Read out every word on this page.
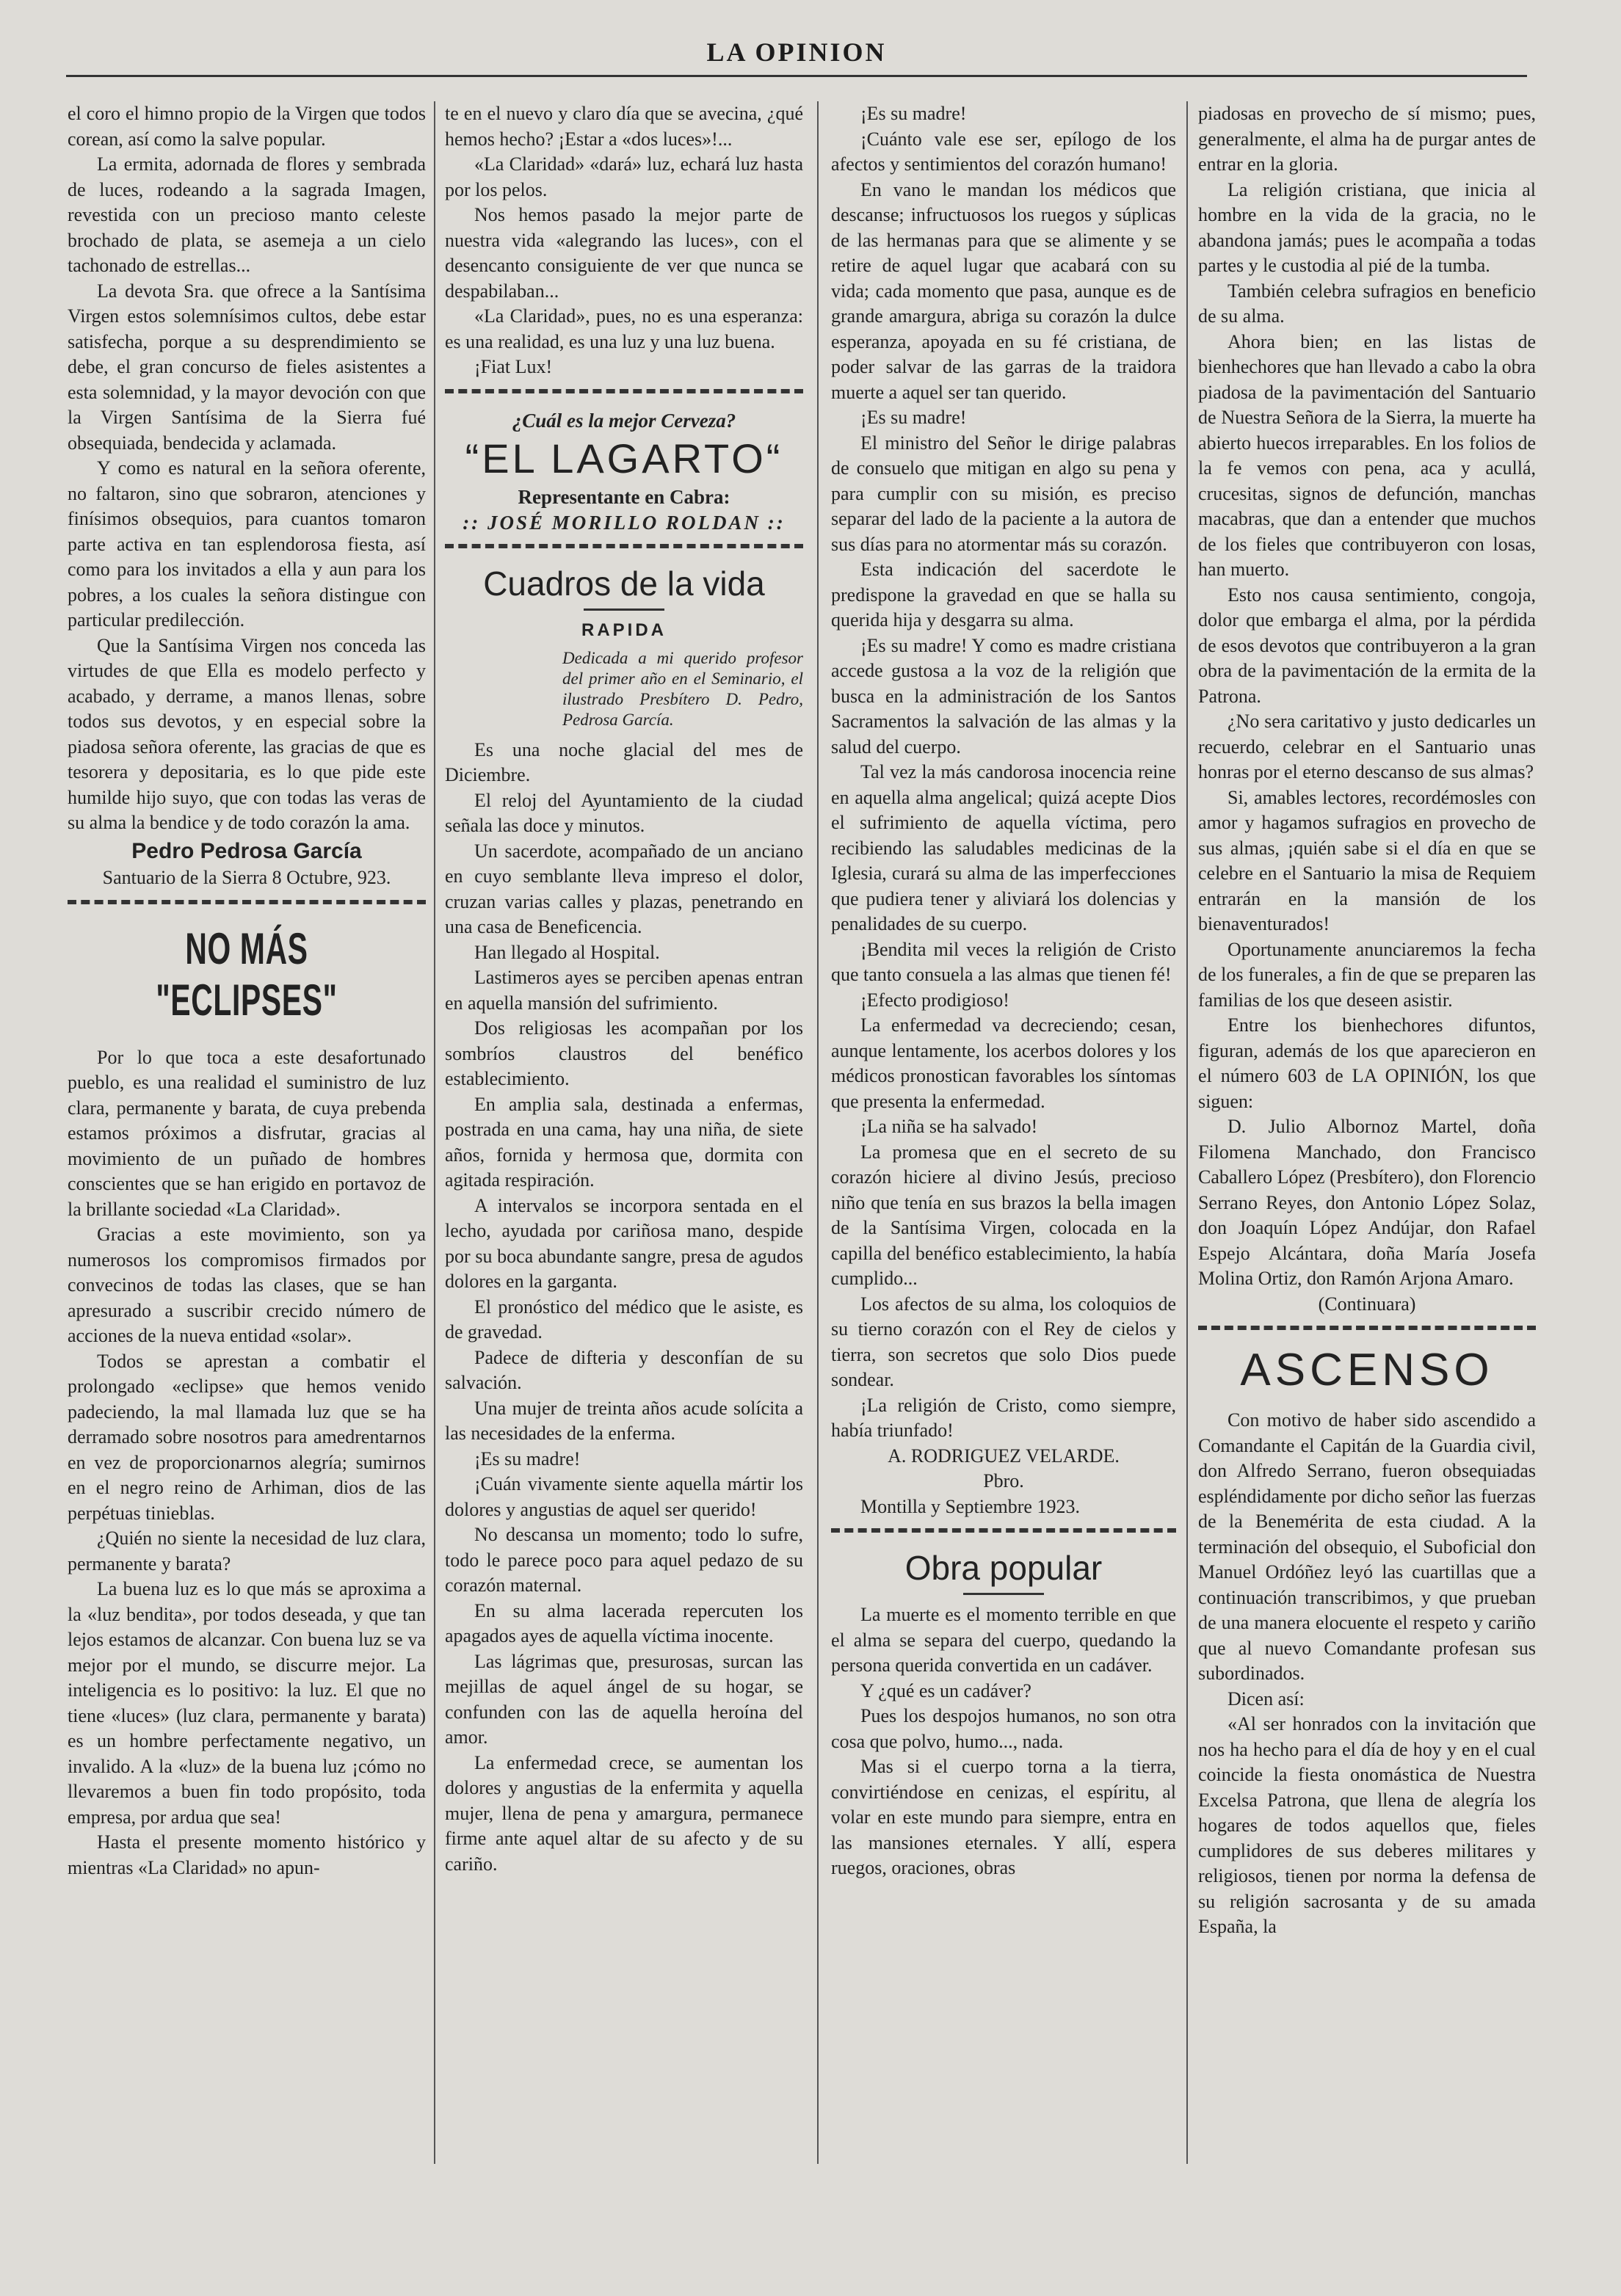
LA OPINION

el coro el himno propio de la Virgen que todos corean, así como la salve popular.

La ermita, adornada de flores y sembrada de luces, rodeando a la sagrada Imagen, revestida con un precioso manto celeste brochado de plata, se asemeja a un cielo tachonado de estrellas...

La devota Sra. que ofrece a la Santísima Virgen estos solemnísimos cultos, debe estar satisfecha, porque a su desprendimiento se debe, el gran concurso de fieles asistentes a esta solemnidad, y la mayor devoción con que la Virgen Santísima de la Sierra fué obsequiada, bendecida y aclamada.

Y como es natural en la señora oferente, no faltaron, sino que sobraron, atenciones y finísimos obsequios, para cuantos tomaron parte activa en tan esplendorosa fiesta, así como para los invitados a ella y aun para los pobres, a los cuales la señora distingue con particular predilección.

Que la Santísima Virgen nos conceda las virtudes de que Ella es modelo perfecto y acabado, y derrame, a manos llenas, sobre todos sus devotos, y en especial sobre la piadosa señora oferente, las gracias de que es tesorera y depositaria, es lo que pide este humilde hijo suyo, que con todas las veras de su alma la bendice y de todo corazón la ama.

Pedro Pedrosa García
Santuario de la Sierra 8 Octubre, 923.
NO MÁS "ECLIPSES"

Por lo que toca a este desafortunado pueblo, es una realidad el suministro de luz clara, permanente y barata, de cuya prebenda estamos próximos a disfrutar, gracias al movimiento de un puñado de hombres conscientes que se han erigido en portavoz de la brillante sociedad «La Claridad».

Gracias a este movimiento, son ya numerosos los compromisos firmados por convecinos de todas las clases, que se han apresurado a suscribir crecido número de acciones de la nueva entidad «solar».

Todos se aprestan a combatir el prolongado «eclipse» que hemos venido padeciendo, la mal llamada luz que se ha derramado sobre nosotros para amedrentarnos en vez de proporcionarnos alegría; sumirnos en el negro reino de Arhiman, dios de las perpétuas tinieblas.

¿Quién no siente la necesidad de luz clara, permanente y barata?

La buena luz es lo que más se aproxima a la «luz bendita», por todos deseada, y que tan lejos estamos de alcanzar. Con buena luz se va mejor por el mundo, se discurre mejor. La inteligencia es lo positivo: la luz. El que no tiene «luces» (luz clara, permanente y barata) es un hombre perfectamente negativo, un invalido. A la «luz» de la buena luz ¡cómo no llevaremos a buen fin todo propósito, toda empresa, por ardua que sea!

Hasta el presente momento histórico y mientras «La Claridad» no apun-

te en el nuevo y claro día que se avecina, ¿qué hemos hecho? ¡Estar a «dos luces»!...

«La Claridad» «dará» luz, echará luz hasta por los pelos.

Nos hemos pasado la mejor parte de nuestra vida «alegrando las luces», con el desencanto consiguiente de ver que nunca se despabilaban...

«La Claridad», pues, no es una esperanza: es una realidad, es una luz y una luz buena.

¡Fiat Lux!

¿Cuál es la mejor Cerveza?
“EL LAGARTO“
Representante en Cabra:
:: JOSÉ MORILLO ROLDAN ::
Cuadros de la vida
RAPIDA
Dedicada a mi querido profesor del primer año en el Seminario, el ilustrado Presbítero D. Pedro, Pedrosa García.

Es una noche glacial del mes de Diciembre.

El reloj del Ayuntamiento de la ciudad señala las doce y minutos.

Un sacerdote, acompañado de un anciano en cuyo semblante lleva impreso el dolor, cruzan varias calles y plazas, penetrando en una casa de Beneficencia.

Han llegado al Hospital.

Lastimeros ayes se perciben apenas entran en aquella mansión del sufrimiento.

Dos religiosas les acompañan por los sombríos claustros del benéfico establecimiento.

En amplia sala, destinada a enfermas, postrada en una cama, hay una niña, de siete años, fornida y hermosa que, dormita con agitada respiración.

A intervalos se incorpora sentada en el lecho, ayudada por cariñosa mano, despide por su boca abundante sangre, presa de agudos dolores en la garganta.

El pronóstico del médico que le asiste, es de gravedad.

Padece de difteria y desconfían de su salvación.

Una mujer de treinta años acude solícita a las necesidades de la enferma.

¡Es su madre!

¡Cuán vivamente siente aquella mártir los dolores y angustias de aquel ser querido!

No descansa un momento; todo lo sufre, todo le parece poco para aquel pedazo de su corazón maternal.

En su alma lacerada repercuten los apagados ayes de aquella víctima inocente.

Las lágrimas que, presurosas, surcan las mejillas de aquel ángel de su hogar, se confunden con las de aquella heroína del amor.

La enfermedad crece, se aumentan los dolores y angustias de la enfermita y aquella mujer, llena de pena y amargura, permanece firme ante aquel altar de su afecto y de su cariño.

¡Es su madre!

¡Cuánto vale ese ser, epílogo de los afectos y sentimientos del corazón humano!

En vano le mandan los médicos que descanse; infructuosos los ruegos y súplicas de las hermanas para que se alimente y se retire de aquel lugar que acabará con su vida; cada momento que pasa, aunque es de grande amargura, abriga su corazón la dulce esperanza, apoyada en su fé cristiana, de poder salvar de las garras de la traidora muerte a aquel ser tan querido.

¡Es su madre!

El ministro del Señor le dirige palabras de consuelo que mitigan en algo su pena y para cumplir con su misión, es preciso separar del lado de la paciente a la autora de sus días para no atormentar más su corazón.

Esta indicación del sacerdote le predispone la gravedad en que se halla su querida hija y desgarra su alma.

¡Es su madre! Y como es madre cristiana accede gustosa a la voz de la religión que busca en la administración de los Santos Sacramentos la salvación de las almas y la salud del cuerpo.

Tal vez la más candorosa inocencia reine en aquella alma angelical; quizá acepte Dios el sufrimiento de aquella víctima, pero recibiendo las saludables medicinas de la Iglesia, curará su alma de las imperfecciones que pudiera tener y aliviará los dolencias y penalidades de su cuerpo.

¡Bendita mil veces la religión de Cristo que tanto consuela a las almas que tienen fé!

¡Efecto prodigioso!

La enfermedad va decreciendo; cesan, aunque lentamente, los acerbos dolores y los médicos pronostican favorables los síntomas que presenta la enfermedad.

¡La niña se ha salvado!

La promesa que en el secreto de su corazón hiciere al divino Jesús, precioso niño que tenía en sus brazos la bella imagen de la Santísima Virgen, colocada en la capilla del benéfico establecimiento, la había cumplido...

Los afectos de su alma, los coloquios de su tierno corazón con el Rey de cielos y tierra, son secretos que solo Dios puede sondear.

¡La religión de Cristo, como siempre, había triunfado!

A. RODRIGUEZ VELARDE.
Pbro.

Montilla y Septiembre 1923.

Obra popular

La muerte es el momento terrible en que el alma se separa del cuerpo, quedando la persona querida convertida en un cadáver.

Y ¿qué es un cadáver?

Pues los despojos humanos, no son otra cosa que polvo, humo..., nada.

Mas si el cuerpo torna a la tierra, convirtiéndose en cenizas, el espíritu, al volar en este mundo para siempre, entra en las mansiones eternales. Y allí, espera ruegos, oraciones, obras

piadosas en provecho de sí mismo; pues, generalmente, el alma ha de purgar antes de entrar en la gloria.

La religión cristiana, que inicia al hombre en la vida de la gracia, no le abandona jamás; pues le acompaña a todas partes y le custodia al pié de la tumba.

También celebra sufragios en beneficio de su alma.

Ahora bien; en las listas de bienhechores que han llevado a cabo la obra piadosa de la pavimentación del Santuario de Nuestra Señora de la Sierra, la muerte ha abierto huecos irreparables. En los folios de la fe vemos con pena, aca y acullá, crucesitas, signos de defunción, manchas macabras, que dan a entender que muchos de los fieles que contribuyeron con losas, han muerto.

Esto nos causa sentimiento, congoja, dolor que embarga el alma, por la pérdida de esos devotos que contribuyeron a la gran obra de la pavimentación de la ermita de la Patrona.

¿No sera caritativo y justo dedicarles un recuerdo, celebrar en el Santuario unas honras por el eterno descanso de sus almas?

Si, amables lectores, recordémosles con amor y hagamos sufragios en provecho de sus almas, ¡quién sabe si el día en que se celebre en el Santuario la misa de Requiem entrarán en la mansión de los bienaventurados!

Oportunamente anunciaremos la fecha de los funerales, a fin de que se preparen las familias de los que deseen asistir.

Entre los bienhechores difuntos, figuran, además de los que aparecieron en el número 603 de LA OPINIÓN, los que siguen:

D. Julio Albornoz Martel, doña Filomena Manchado, don Francisco Caballero López (Presbítero), don Florencio Serrano Reyes, don Antonio López Solaz, don Joaquín López Andújar, don Rafael Espejo Alcántara, doña María Josefa Molina Ortiz, don Ramón Arjona Amaro.

(Continuara)
ASCENSO

Con motivo de haber sido ascendido a Comandante el Capitán de la Guardia civil, don Alfredo Serrano, fueron obsequiadas espléndidamente por dicho señor las fuerzas de la Benemérita de esta ciudad. A la terminación del obsequio, el Suboficial don Manuel Ordóñez leyó las cuartillas que a continuación transcribimos, y que prueban de una manera elocuente el respeto y cariño que al nuevo Comandante profesan sus subordinados.

Dicen así:

«Al ser honrados con la invitación que nos ha hecho para el día de hoy y en el cual coincide la fiesta onomástica de Nuestra Excelsa Patrona, que llena de alegría los hogares de todos aquellos que, fieles cumplidores de sus deberes militares y religiosos, tienen por norma la defensa de su religión sacrosanta y de su amada España, la
